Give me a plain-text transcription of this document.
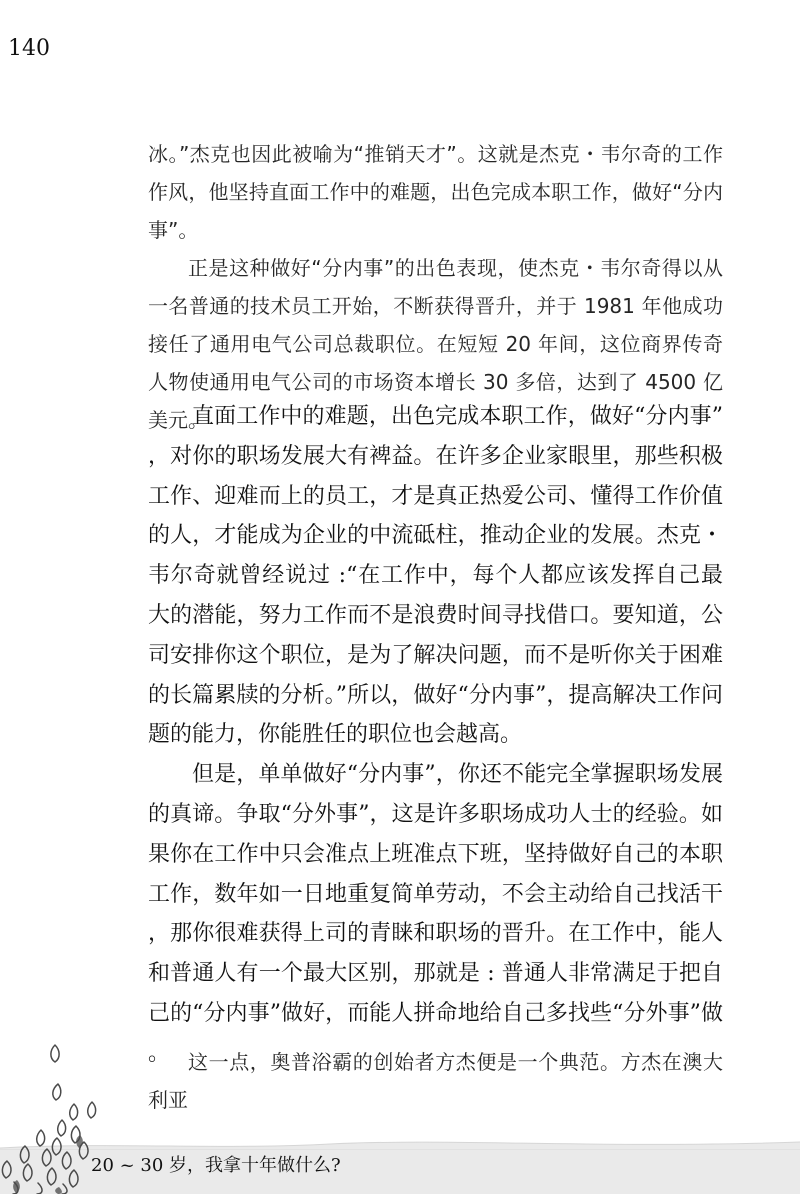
140

冰。”杰克也因此被喻为“推销天才”。这就是杰克・韦尔奇的工作作风，他坚持直面工作中的难题，出色完成本职工作，做好“分内事”。

正是这种做好“分内事”的出色表现，使杰克・韦尔奇得以从一名普通的技术员工开始，不断获得晋升，并于 1981 年他成功接任了通用电气公司总裁职位。在短短 20 年间，这位商界传奇人物使通用电气公司的市场资本增长 30 多倍，达到了 4500 亿美元。

直面工作中的难题，出色完成本职工作，做好“分内事”，对你的职场发展大有裨益。在许多企业家眼里，那些积极工作、迎难而上的员工，才是真正热爱公司、懂得工作价值的人，才能成为企业的中流砥柱，推动企业的发展。杰克・韦尔奇就曾经说过 :“在工作中，每个人都应该发挥自己最大的潜能，努力工作而不是浪费时间寻找借口。要知道，公司安排你这个职位，是为了解决问题，而不是听你关于困难的长篇累牍的分析。”所以，做好“分内事”，提高解决工作问题的能力，你能胜任的职位也会越高。

但是，单单做好“分内事”，你还不能完全掌握职场发展的真谛。争取“分外事”，这是许多职场成功人士的经验。如果你在工作中只会准点上班准点下班，坚持做好自己的本职工作，数年如一日地重复简单劳动，不会主动给自己找活干，那你很难获得上司的青睐和职场的晋升。在工作中，能人和普通人有一个最大区别，那就是 : 普通人非常满足于把自己的“分内事”做好，而能人拼命地给自己多找些“分外事”做。 这一点，奥普浴霸的创始者方杰便是一个典范。方杰在澳大利亚

20 ~ 30 岁，我拿十年做什么?
